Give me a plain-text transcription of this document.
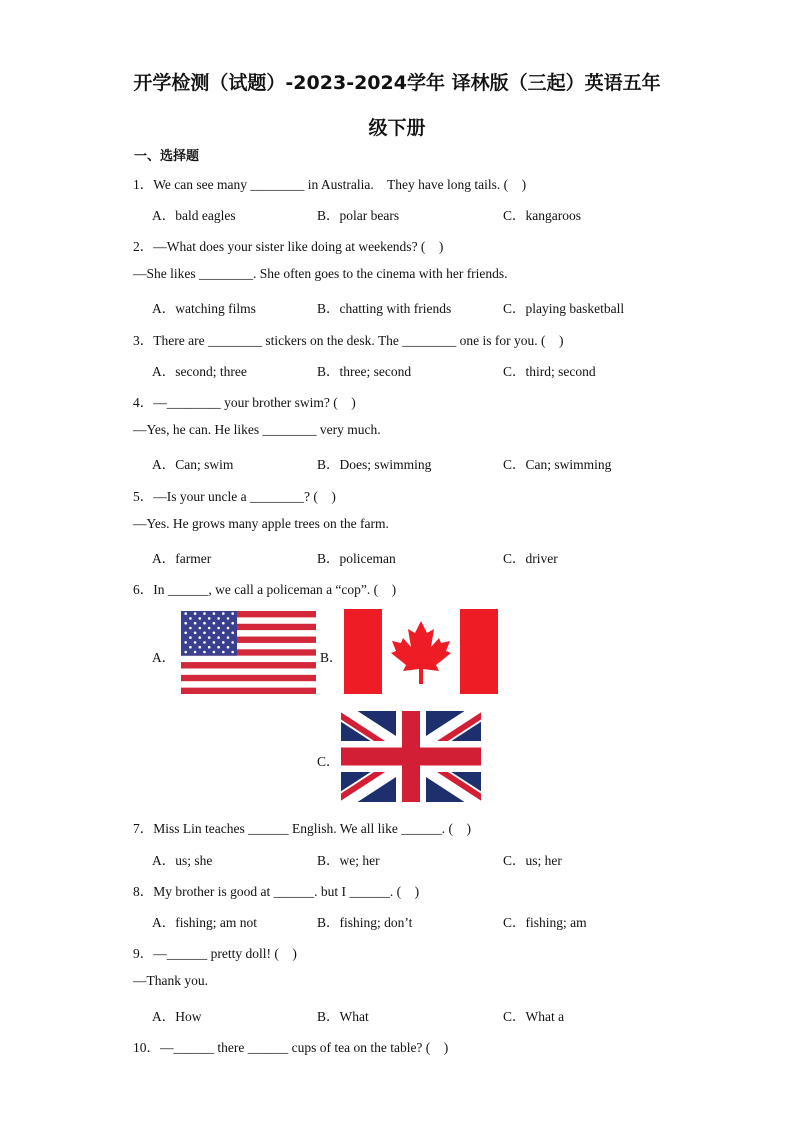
开学检测（试题）-2023-2024学年 译林版（三起）英语五年
级下册
一、选择题
1．We can see many ________ in Australia.    They have long tails. (    )
A．bald eagles	B．polar bears	C．kangaroos
2．—What does your sister like doing at weekends? (    )
—She likes ________. She often goes to the cinema with her friends.
A．watching films	B．chatting with friends	C．playing basketball
3．There are ________ stickers on the desk. The ________ one is for you. (    )
A．second; three	B．three; second	C．third; second
4．—________ your brother swim? (    )
—Yes, he can. He likes ________ very much.
A．Can; swim	B．Does; swimming	C．Can; swimming
5．—Is your uncle a ________? (    )
—Yes. He grows many apple trees on the farm.
A．farmer	B．policeman	C．driver
6．In ______, we call a policeman a “cop”. (    )
A．	B．
C．
7．Miss Lin teaches ______ English. We all like ______. (    )
A．us; she	B．we; her	C．us; her
8．My brother is good at ______. but I ______. (    )
A．fishing; am not	B．fishing; don’t	C．fishing; am
9．—______ pretty doll! (    )
—Thank you.
A．How	B．What	C．What a
10．—______ there ______ cups of tea on the table? (    )
